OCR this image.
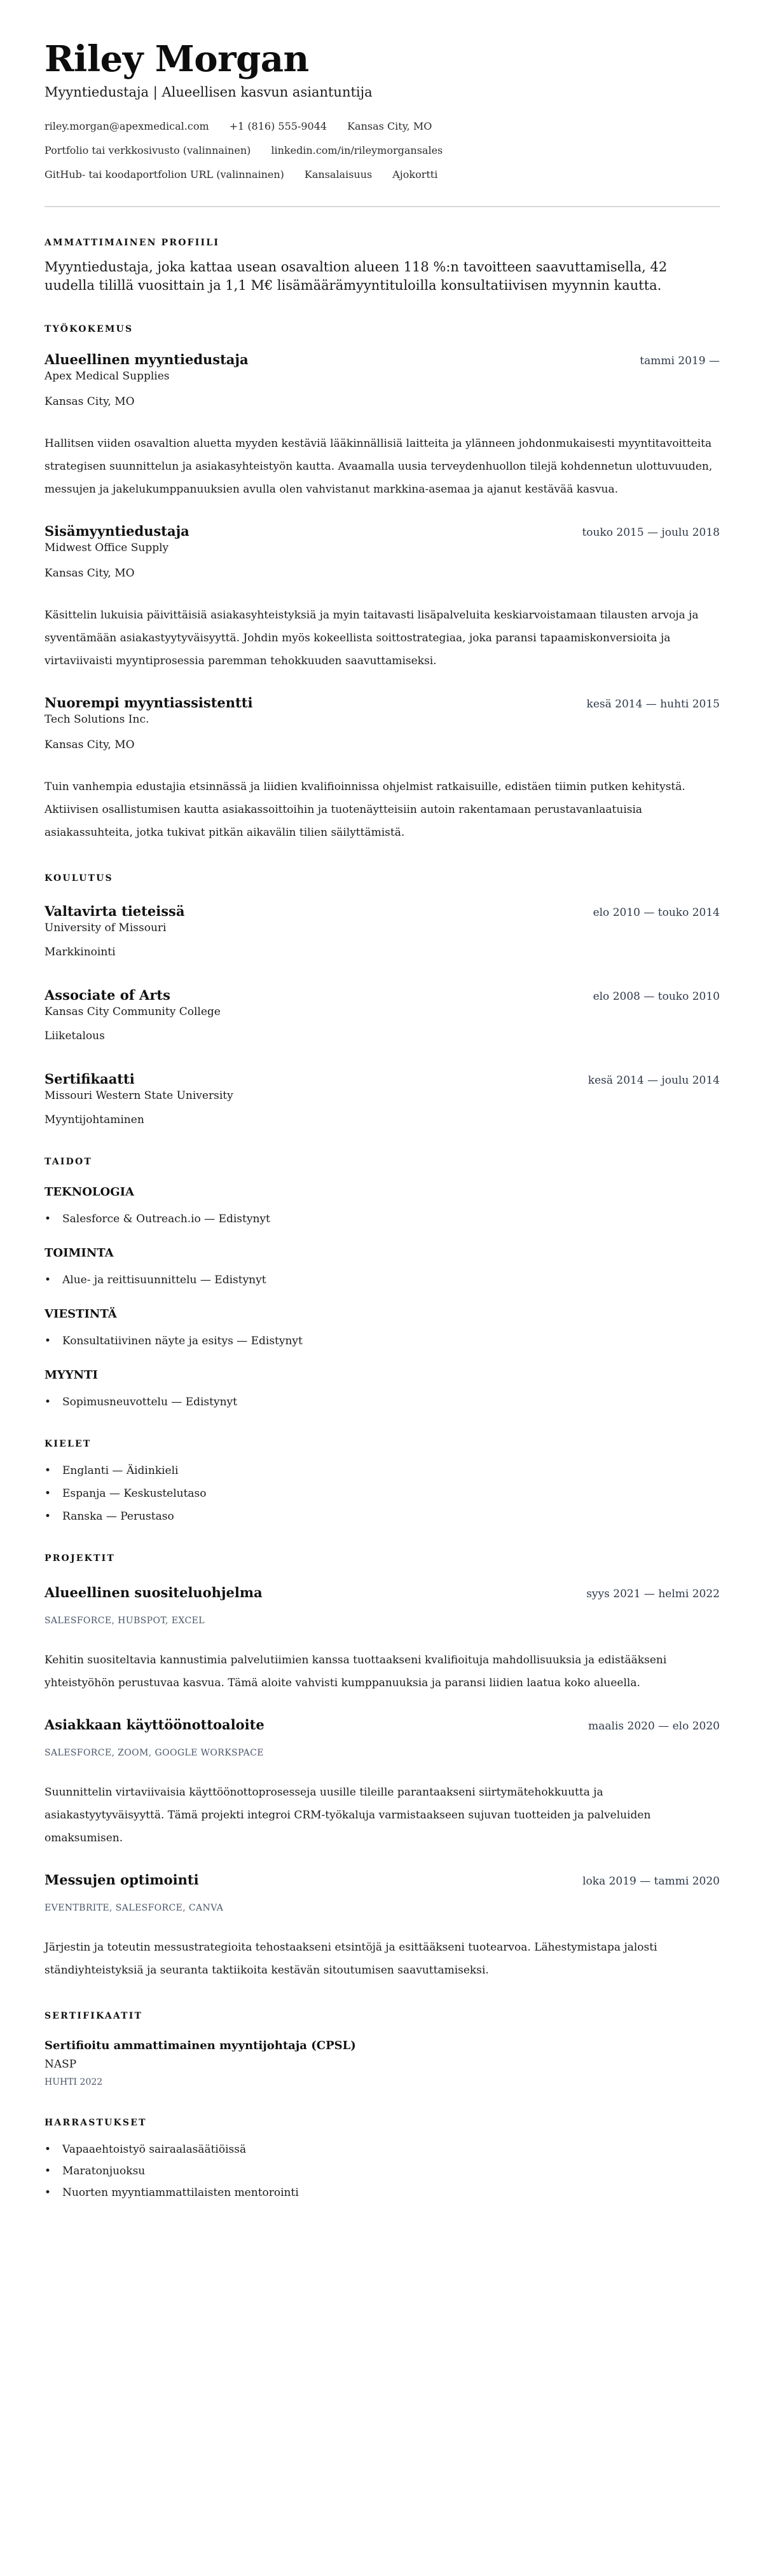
Riley Morgan
Myyntiedustaja | Alueellisen kasvun asiantuntija
riley.morgan@apexmedical.com +1 (816) 555-9044 Kansas City, MO
Portfolio tai verkkosivusto (valinnainen) linkedin.com/in/rileymorgansales
GitHub- tai koodaportfolion URL (valinnainen) Kansalaisuus Ajokortti
AMMATTIMAINEN PROFIILI

Myyntiedustaja, joka kattaa usean osavaltion alueen 118 %:n tavoitteen saavuttamisella, 42 uudella tilillä vuosittain ja 1,1 M€ lisämäärämyyntituloilla konsultatiivisen myynnin kautta.

TYÖKOKEMUS
Alueellinen myyntiedustaja	tammi 2019 —
Apex Medical Supplies
Kansas City, MO

Hallitsen viiden osavaltion aluetta myyden kestäviä lääkinnällisiä laitteita ja ylänneen johdonmukaisesti myyntitavoitteita strategisen suunnittelun ja asiakasyhteistyön kautta. Avaamalla uusia terveydenhuollon tilejä kohdennetun ulottuvuuden, messujen ja jakelukumppanuuksien avulla olen vahvistanut markkina-asemaa ja ajanut kestävää kasvua.

Sisämyyntiedustaja	touko 2015 — joulu 2018
Midwest Office Supply
Kansas City, MO

Käsittelin lukuisia päivittäisiä asiakasyhteistyksiä ja myin taitavasti lisäpalveluita keskiarvoistamaan tilausten arvoja ja syventämään asiakastyytyväisyyttä. Johdin myös kokeellista soittostrategiaa, joka paransi tapaamiskonversioita ja virtaviivaisti myyntiprosessia paremman tehokkuuden saavuttamiseksi.

Nuorempi myyntiassistentti	kesä 2014 — huhti 2015
Tech Solutions Inc.
Kansas City, MO

Tuin vanhempia edustajia etsinnässä ja liidien kvalifioinnissa ohjelmist ratkaisuille, edistäen tiimin putken kehitystä. Aktiivisen osallistumisen kautta asiakassoittoihin ja tuotenäytteisiin autoin rakentamaan perustavanlaatuisia asiakassuhteita, jotka tukivat pitkän aikavälin tilien säilyttämistä.

KOULUTUS
Valtavirta tieteissä	elo 2010 — touko 2014
University of Missouri
Markkinointi
Associate of Arts	elo 2008 — touko 2010
Kansas City Community College
Liiketalous
Sertifikaatti	kesä 2014 — joulu 2014
Missouri Western State University
Myyntijohtaminen
TAIDOT
TEKNOLOGIA
• Salesforce & Outreach.io — Edistynyt
TOIMINTA
• Alue- ja reittisuunnittelu — Edistynyt
VIESTINTÄ
• Konsultatiivinen näyte ja esitys — Edistynyt
MYYNTI
• Sopimusneuvottelu — Edistynyt
KIELET
• Englanti — Äidinkieli
• Espanja — Keskustelutaso
• Ranska — Perustaso
PROJEKTIT
Alueellinen suositeluohjelma	syys 2021 — helmi 2022
SALESFORCE, HUBSPOT, EXCEL

Kehitin suositeltavia kannustimia palvelutiimien kanssa tuottaakseni kvalifioituja mahdollisuuksia ja edistääkseni yhteistyöhön perustuvaa kasvua. Tämä aloite vahvisti kumppanuuksia ja paransi liidien laatua koko alueella.

Asiakkaan käyttöönottoaloite	maalis 2020 — elo 2020
SALESFORCE, ZOOM, GOOGLE WORKSPACE

Suunnittelin virtaviivaisia käyttöönottoprosesseja uusille tileille parantaakseni siirtymätehokkuutta ja asiakastyytyväisyyttä. Tämä projekti integroi CRM-työkaluja varmistaakseen sujuvan tuotteiden ja palveluiden omaksumisen.

Messujen optimointi	loka 2019 — tammi 2020
EVENTBRITE, SALESFORCE, CANVA

Järjestin ja toteutin messustrategioita tehostaakseni etsintöjä ja esittääkseni tuotearvoa. Lähestymistapa jalosti ständiyhteistyksiä ja seuranta taktiikoita kestävän sitoutumisen saavuttamiseksi.

SERTIFIKAATIT
Sertifioitu ammattimainen myyntijohtaja (CPSL)
NASP
HUHTI 2022
HARRASTUKSET
• Vapaaehtoistyö sairaalasäätiöissä
• Maratonjuoksu
• Nuorten myyntiammattilaisten mentorointi
